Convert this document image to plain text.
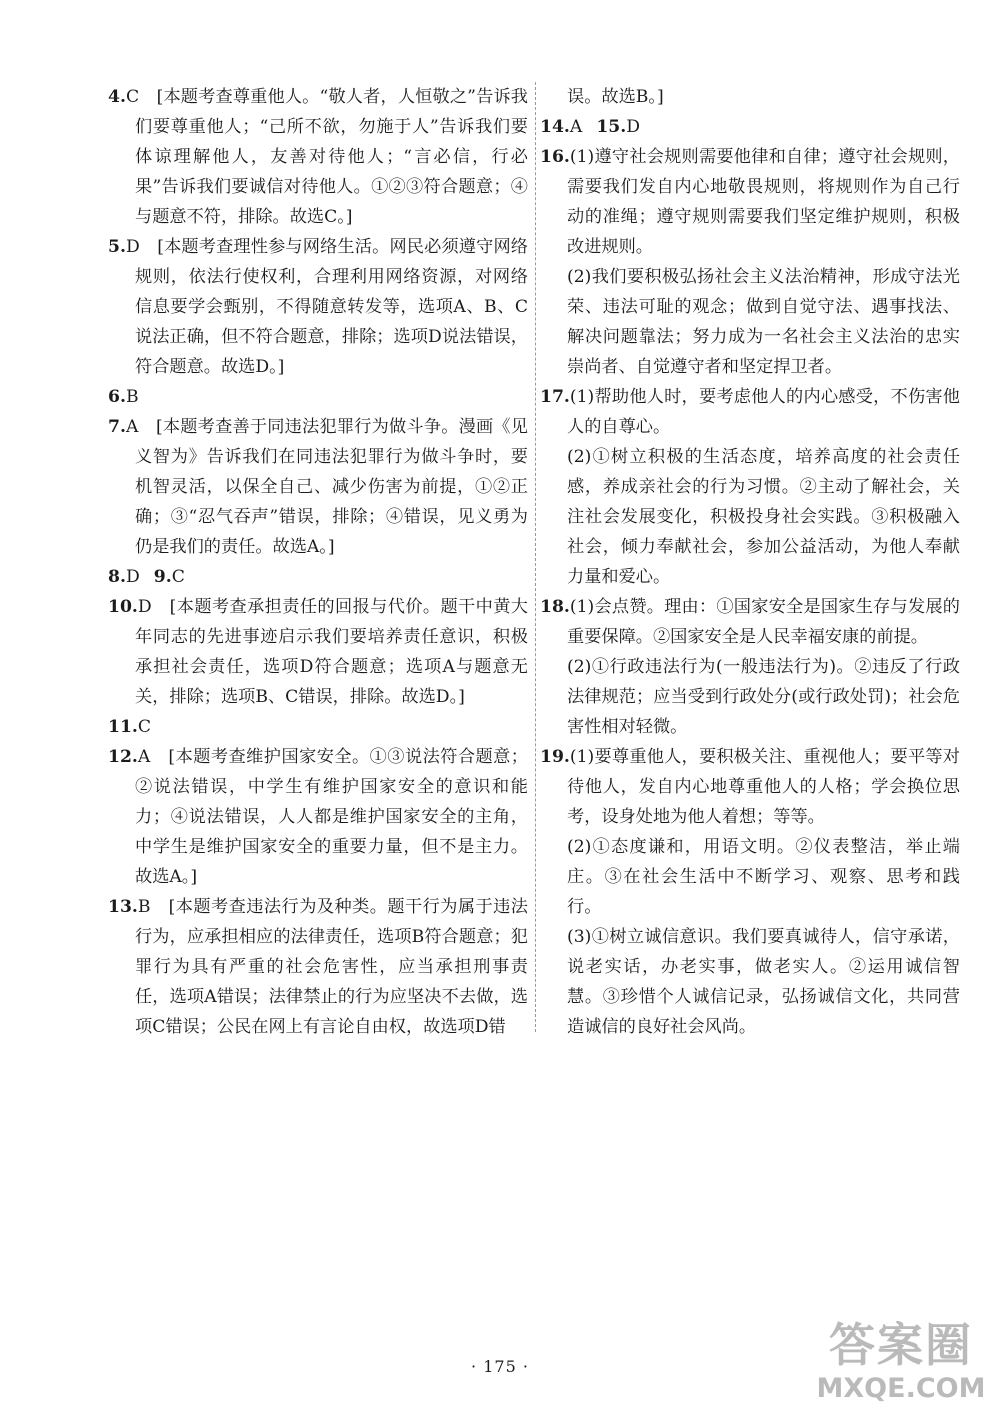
4.C　[本题考查尊重他人。“敬人者，人恒敬之”告诉我们要尊重他人；“己所不欲，勿施于人”告诉我们要体谅理解他人，友善对待他人；“言必信，行必果”告诉我们要诚信对待他人。①②③符合题意；④与题意不符，排除。故选C。]

5.D　[本题考查理性参与网络生活。网民必须遵守网络规则，依法行使权利，合理利用网络资源，对网络信息要学会甄别，不得随意转发等，选项A、B、C说法正确，但不符合题意，排除；选项D说法错误，符合题意。故选D。]

6.B

7.A　[本题考查善于同违法犯罪行为做斗争。漫画《见义智为》告诉我们在同违法犯罪行为做斗争时，要机智灵活，以保全自己、减少伤害为前提，①②正确；③“忍气吞声”错误，排除；④错误，见义勇为仍是我们的责任。故选A。]

8.D 9.C

10.D　[本题考查承担责任的回报与代价。题干中黄大年同志的先进事迹启示我们要培养责任意识，积极承担社会责任，选项D符合题意；选项A与题意无关，排除；选项B、C错误，排除。故选D。]

11.C

12.A　[本题考查维护国家安全。①③说法符合题意；②说法错误，中学生有维护国家安全的意识和能力；④说法错误，人人都是维护国家安全的主角，中学生是维护国家安全的重要力量，但不是主力。故选A。]

13.B　[本题考查违法行为及种类。题干行为属于违法行为，应承担相应的法律责任，选项B符合题意；犯罪行为具有严重的社会危害性，应当承担刑事责任，选项A错误；法律禁止的行为应坚决不去做，选项C错误；公民在网上有言论自由权，故选项D错

误。故选B。]

14.A 15.D

16.(1)遵守社会规则需要他律和自律；遵守社会规则，需要我们发自内心地敬畏规则，将规则作为自己行动的准绳；遵守规则需要我们坚定维护规则，积极改进规则。

(2)我们要积极弘扬社会主义法治精神，形成守法光荣、违法可耻的观念；做到自觉守法、遇事找法、解决问题靠法；努力成为一名社会主义法治的忠实崇尚者、自觉遵守者和坚定捍卫者。

17.(1)帮助他人时，要考虑他人的内心感受，不伤害他人的自尊心。

(2)①树立积极的生活态度，培养高度的社会责任感，养成亲社会的行为习惯。②主动了解社会，关注社会发展变化，积极投身社会实践。③积极融入社会，倾力奉献社会，参加公益活动，为他人奉献力量和爱心。

18.(1)会点赞。理由：①国家安全是国家生存与发展的重要保障。②国家安全是人民幸福安康的前提。

(2)①行政违法行为(一般违法行为)。②违反了行政法律规范；应当受到行政处分(或行政处罚)；社会危害性相对轻微。

19.(1)要尊重他人，要积极关注、重视他人；要平等对待他人，发自内心地尊重他人的人格；学会换位思考，设身处地为他人着想；等等。

(2)①态度谦和，用语文明。②仪表整洁，举止端庄。③在社会生活中不断学习、观察、思考和践行。

(3)①树立诚信意识。我们要真诚待人，信守承诺，说老实话，办老实事，做老实人。②运用诚信智慧。③珍惜个人诚信记录，弘扬诚信文化，共同营造诚信的良好社会风尚。

· 175 ·	答案圈
MXQE.COM
